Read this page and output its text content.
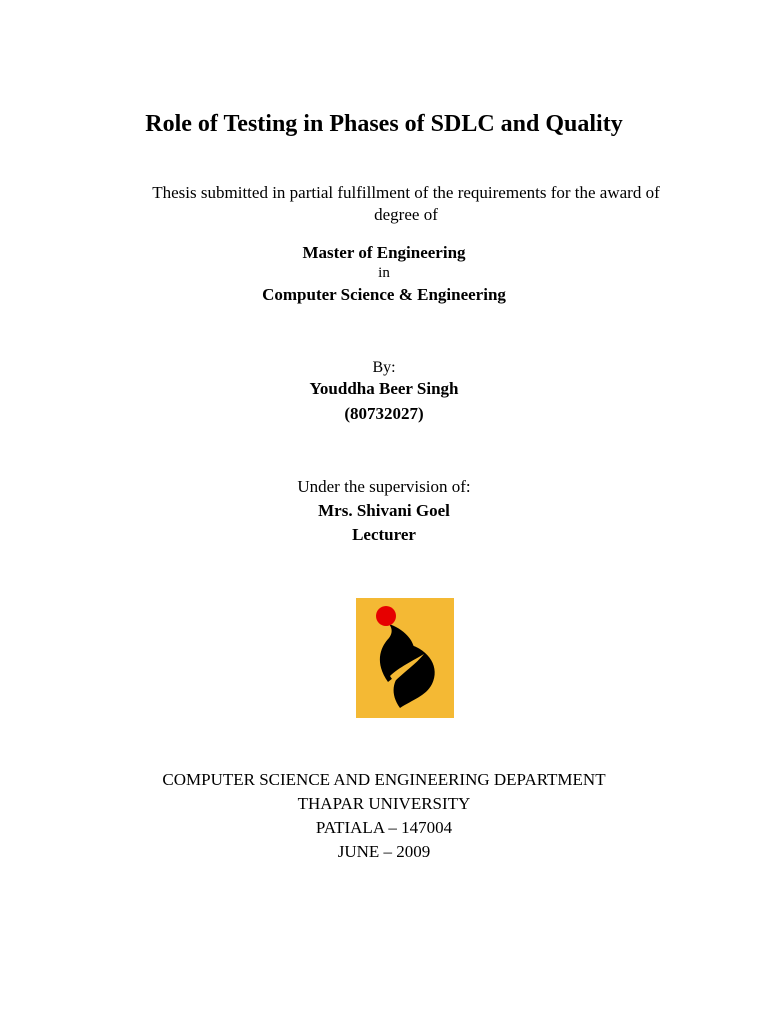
Role of Testing in Phases of SDLC and Quality
Thesis submitted in partial fulfillment of the requirements for the award of degree of
Master of Engineering
in
Computer Science & Engineering
By:
Youddha Beer Singh
(80732027)
Under the supervision of:
Mrs. Shivani Goel
Lecturer
COMPUTER SCIENCE AND ENGINEERING DEPARTMENT
THAPAR UNIVERSITY
PATIALA – 147004
JUNE – 2009
